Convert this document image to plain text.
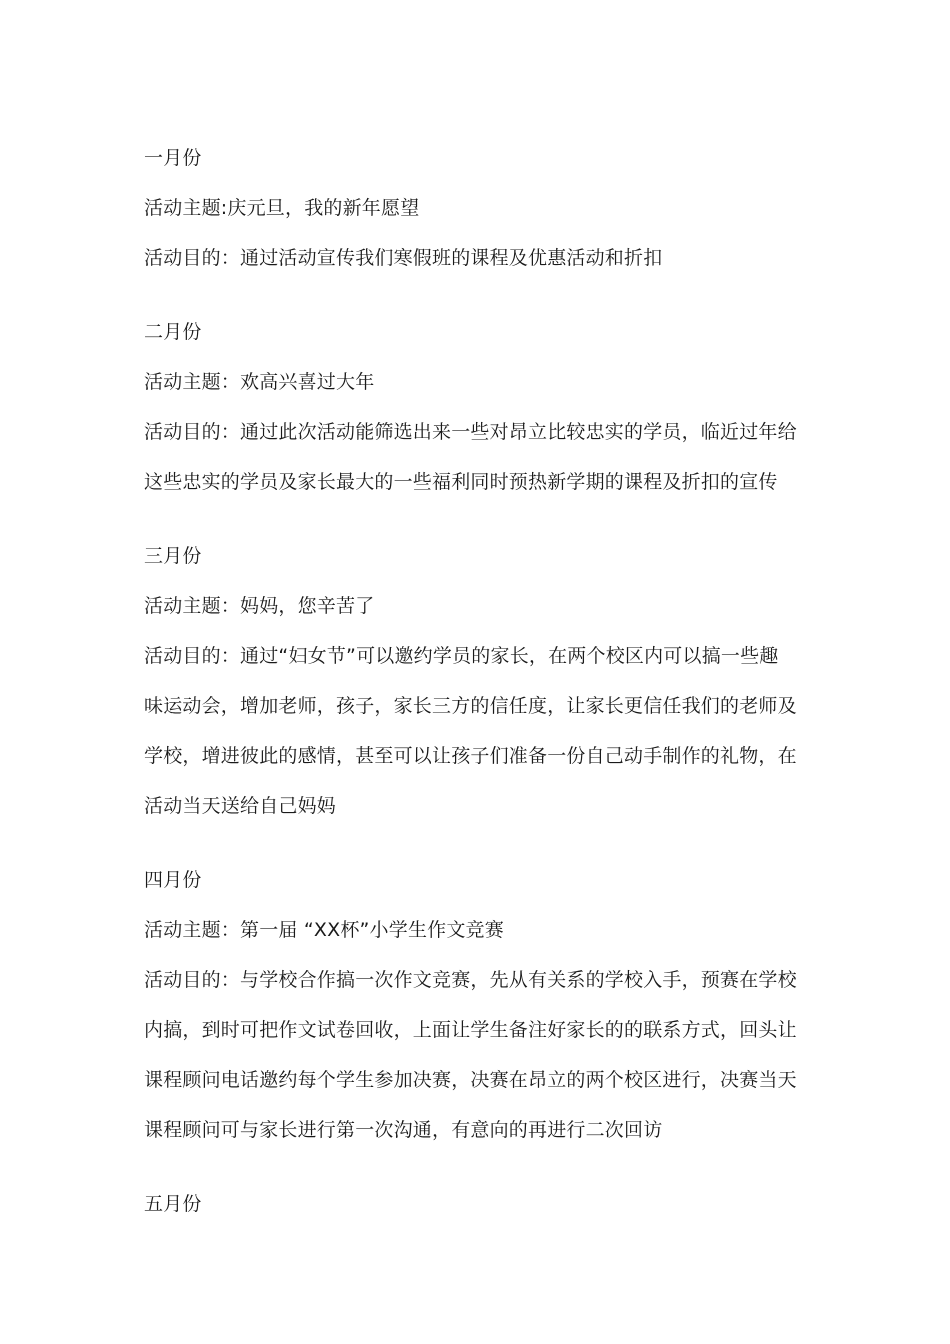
一月份
活动主题:庆元旦，我的新年愿望
活动目的：通过活动宣传我们寒假班的课程及优惠活动和折扣
二月份
活动主题：欢高兴喜过大年
活动目的：通过此次活动能筛选出来一些对昂立比较忠实的学员，临近过年给
这些忠实的学员及家长最大的一些福利同时预热新学期的课程及折扣的宣传
三月份
活动主题：妈妈，您辛苦了
活动目的：通过“妇女节”可以邀约学员的家长，在两个校区内可以搞一些趣
味运动会，增加老师，孩子，家长三方的信任度，让家长更信任我们的老师及
学校，增进彼此的感情，甚至可以让孩子们准备一份自己动手制作的礼物，在
活动当天送给自己妈妈
四月份
活动主题：第一届 “XX杯”小学生作文竞赛
活动目的：与学校合作搞一次作文竞赛，先从有关系的学校入手，预赛在学校
内搞，到时可把作文试卷回收，上面让学生备注好家长的的联系方式，回头让
课程顾问电话邀约每个学生参加决赛，决赛在昂立的两个校区进行，决赛当天
课程顾问可与家长进行第一次沟通，有意向的再进行二次回访
五月份
